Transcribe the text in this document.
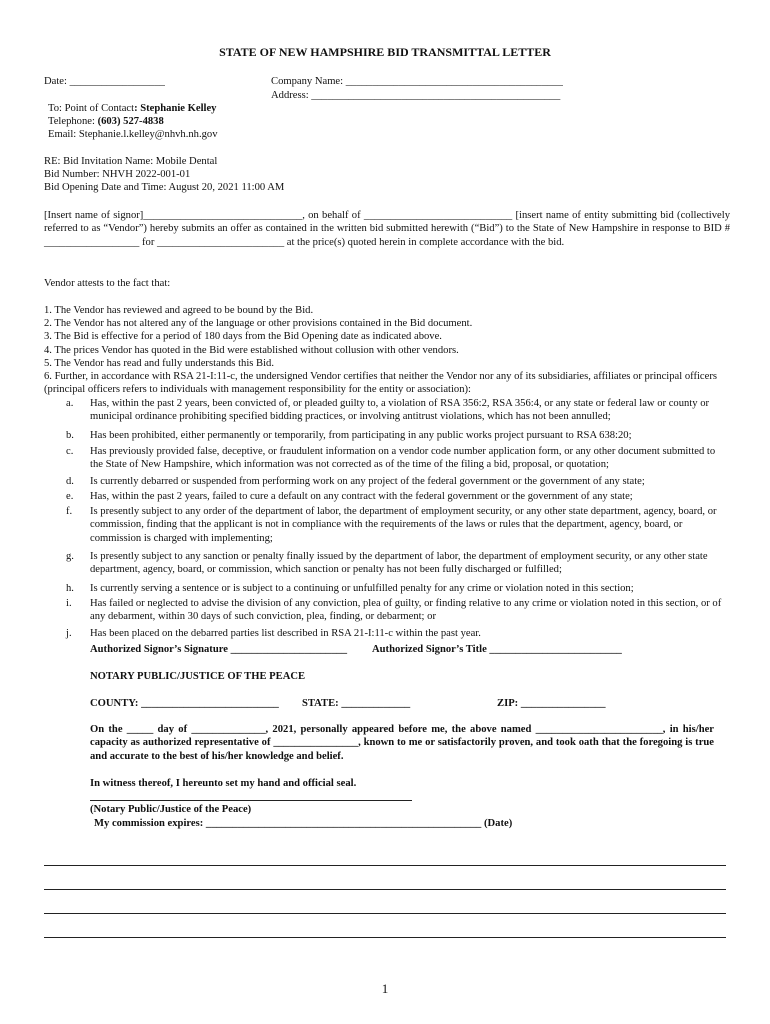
STATE OF NEW HAMPSHIRE BID TRANSMITTAL LETTER
Date: __________________	Company Name: _________________________________________
Address: _______________________________________________
To: Point of Contact: Stephanie Kelley
Telephone: (603) 527-4838
Email: Stephanie.l.kelley@nhvh.nh.gov
RE: Bid Invitation Name: Mobile Dental
Bid Number: NHVH 2022-001-01
Bid Opening Date and Time: August 20, 2021 11:00 AM
[Insert name of signor]______________________________, on behalf of ____________________________ [insert name of entity submitting bid (collectively referred to as “Vendor”) hereby submits an offer as contained in the written bid submitted herewith (“Bid”) to the State of New Hampshire in response to BID # __________________ for ________________________ at the price(s) quoted herein in complete accordance with the bid.
Vendor attests to the fact that:
1. The Vendor has reviewed and agreed to be bound by the Bid.
2. The Vendor has not altered any of the language or other provisions contained in the Bid document.
3. The Bid is effective for a period of 180 days from the Bid Opening date as indicated above.
4. The prices Vendor has quoted in the Bid were established without collusion with other vendors.
5. The Vendor has read and fully understands this Bid.
6. Further, in accordance with RSA 21-I:11-c, the undersigned Vendor certifies that neither the Vendor nor any of its subsidiaries, affiliates or principal officers (principal officers refers to individuals with management responsibility for the entity or association):
a. Has, within the past 2 years, been convicted of, or pleaded guilty to, a violation of RSA 356:2, RSA 356:4, or any state or federal law or county or municipal ordinance prohibiting specified bidding practices, or involving antitrust violations, which has not been annulled;
b. Has been prohibited, either permanently or temporarily, from participating in any public works project pursuant to RSA 638:20;
c. Has previously provided false, deceptive, or fraudulent information on a vendor code number application form, or any other document submitted to the State of New Hampshire, which information was not corrected as of the time of the filing a bid, proposal, or quotation;
d. Is currently debarred or suspended from performing work on any project of the federal government or the government of any state;
e. Has, within the past 2 years, failed to cure a default on any contract with the federal government or the government of any state;
f. Is presently subject to any order of the department of labor, the department of employment security, or any other state department, agency, board, or commission, finding that the applicant is not in compliance with the requirements of the laws or rules that the department, agency, board, or commission is charged with implementing;
g. Is presently subject to any sanction or penalty finally issued by the department of labor, the department of employment security, or any other state department, agency, board, or commission, which sanction or penalty has not been fully discharged or fulfilled;
h. Is currently serving a sentence or is subject to a continuing or unfulfilled penalty for any crime or violation noted in this section;
i. Has failed or neglected to advise the division of any conviction, plea of guilty, or finding relative to any crime or violation noted in this section, or of any debarment, within 30 days of such conviction, plea, finding, or debarment; or
j. Has been placed on the debarred parties list described in RSA 21-I:11-c within the past year.
Authorized Signor’s Signature ______________________ Authorized Signor’s Title _________________________
NOTARY PUBLIC/JUSTICE OF THE PEACE
COUNTY: __________________________ STATE: _____________	ZIP: ________________
On the _____ day of ______________, 2021, personally appeared before me, the above named ________________________, in his/her capacity as authorized representative of ________________, known to me or satisfactorily proven, and took oath that the foregoing is true and accurate to the best of his/her knowledge and belief.
In witness thereof, I hereunto set my hand and official seal.
(Notary Public/Justice of the Peace)
My commission expires: ____________________________________________________ (Date)
1
